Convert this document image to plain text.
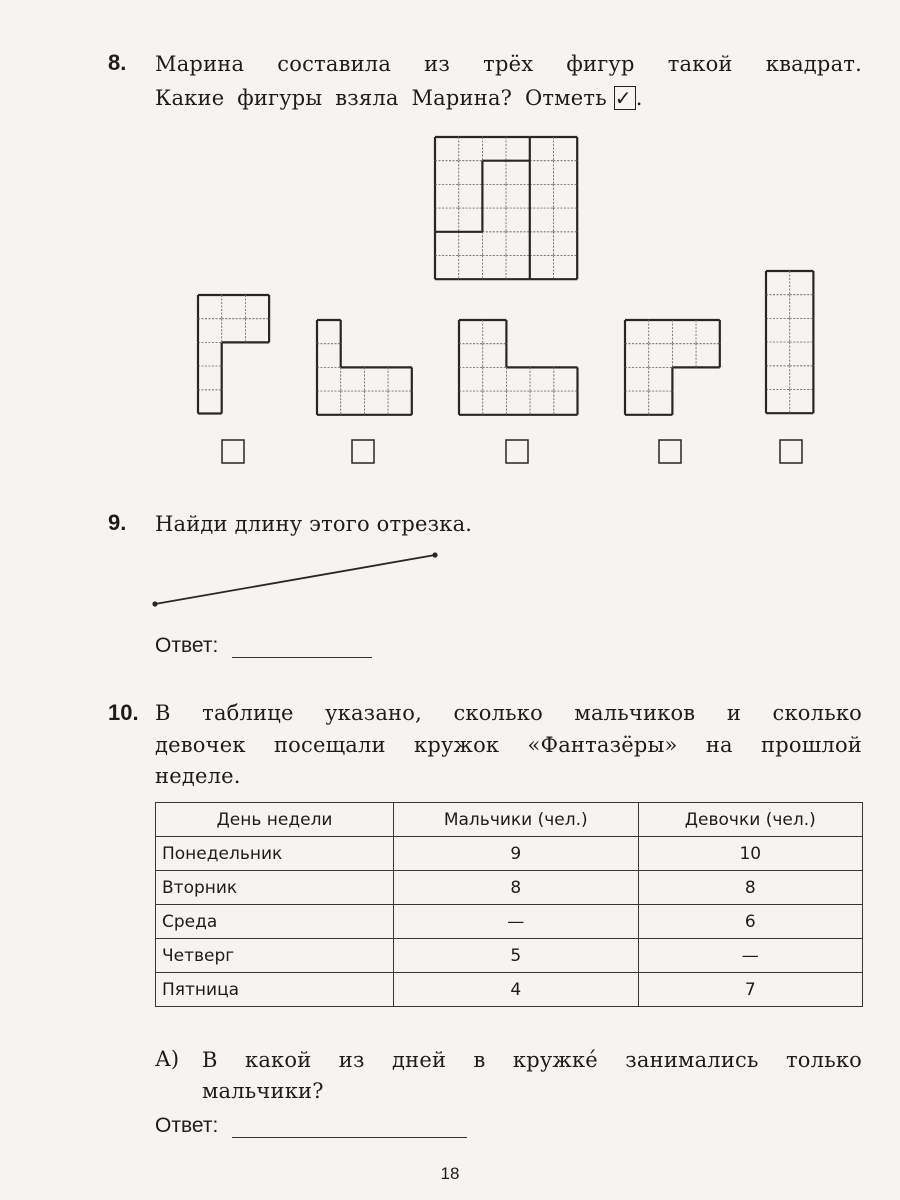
8. Марина составила из трёх фигур такой квадрат.
Какие фигуры взяла Марина? Отметь ✓ .
9. Найди длину этого отрезка.
Ответ:
10. В таблице указано, сколько мальчиков и сколько
девочек посещали кружок «Фантазёры» на прошлой
неделе.
День недели	Мальчики (чел.)	Девочки (чел.)
Понедельник	9	10
Вторник	8	8
Среда	—	6
Четверг	5	—
Пятница	4	7
А) В какой из дней в кружке́ занимались только
мальчики?
Ответ:
18
